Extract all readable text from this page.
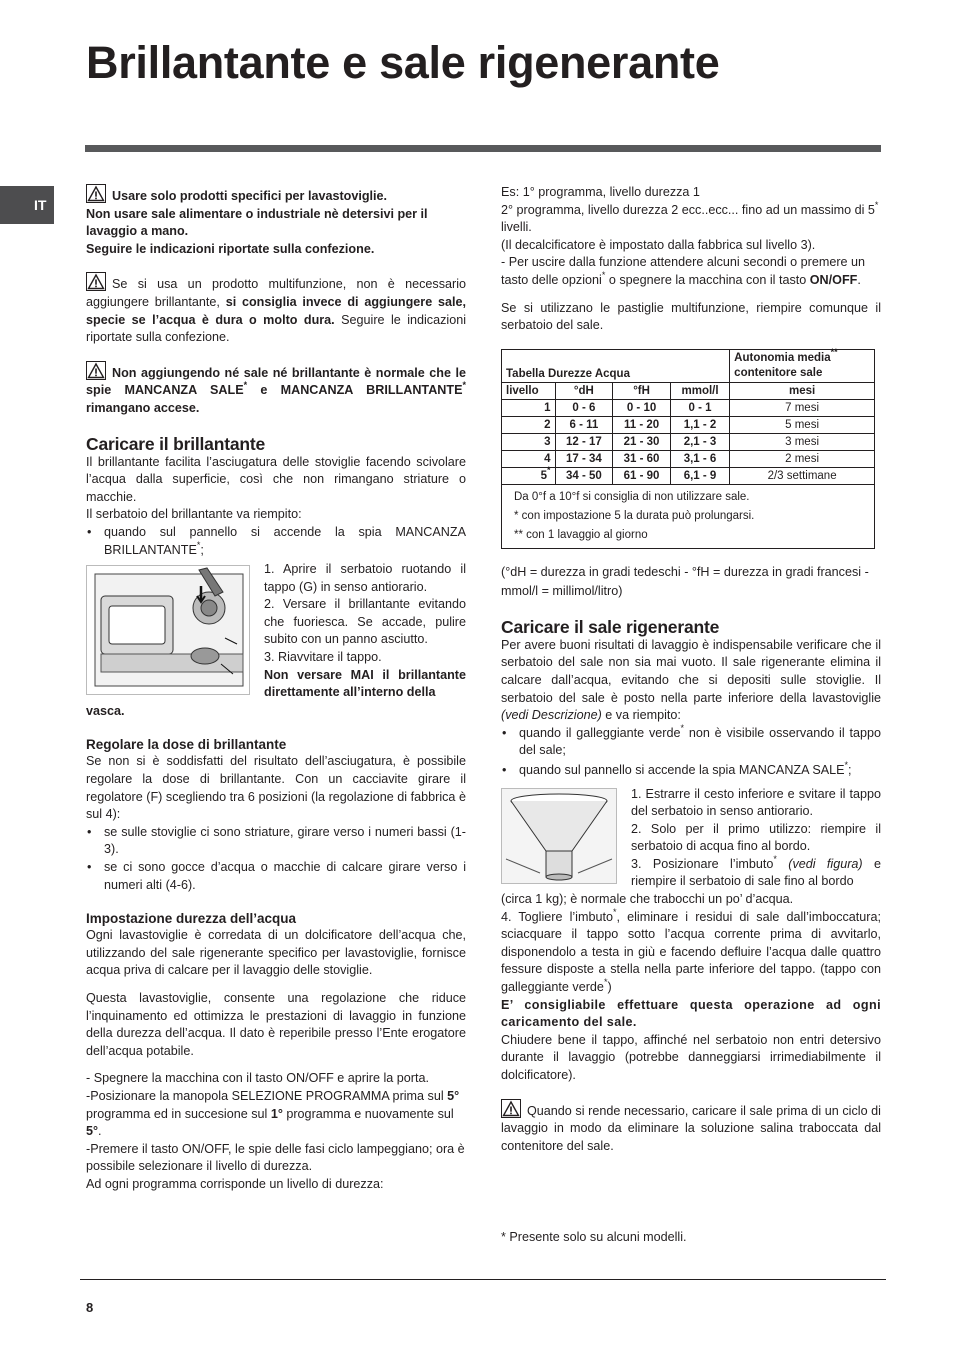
Brillantante e sale rigenerante
IT

Usare solo prodotti specifici per lavastoviglie.
Non usare sale alimentare o industriale nè detersivi per il lavaggio a mano.
Seguire le indicazioni riportate sulla confezione.

Se si usa un prodotto multifunzione, non è necessario aggiungere brillantante, si consiglia invece di aggiungere sale, specie se l’acqua è dura o molto dura. Seguire le indicazioni riportate sulla confezione.

Non aggiungendo né sale né brillantante è normale che le spie MANCANZA SALE* e MANCANZA BRILLANTANTE* rimangano accese.

Caricare il brillantante

Il brillantante facilita l’asciugatura delle stoviglie facendo scivolare l’acqua dalla superficie, così che non rimangano striature o macchie.

Il serbatoio del brillantante va riempito:

• quando sul pannello si accende la spia MANCANZA BRILLANTANTE*;

1. Aprire il serbatoio ruotando il tappo (G) in senso antiorario.

2. Versare il brillantante evitando che fuoriesca. Se accade, pulire subito con un panno asciutto.

3. Riavvitare il tappo.

Non versare MAI il brillantante direttamente all’interno della

vasca.

Regolare la dose di brillantante

Se non si è soddisfatti del risultato dell’asciugatura, è possibile regolare la dose di brillantante. Con un cacciavite girare il regolatore (F) scegliendo tra 6 posizioni (la regolazione di fabbrica è sul 4):

• se sulle stoviglie ci sono striature, girare verso i numeri bassi (1-3).
• se ci sono gocce d’acqua o macchie di calcare girare verso i numeri alti (4-6).
Impostazione durezza dell’acqua

Ogni lavastoviglie è corredata di un dolcificatore dell’acqua che, utilizzando del sale rigenerante specifico per lavastoviglie, fornisce acqua priva di calcare per il lavaggio delle stoviglie.

Questa lavastoviglie, consente una regolazione che riduce l’inquinamento ed ottimizza le prestazioni di lavaggio in funzione della durezza dell’acqua. Il dato è reperibile presso l’Ente erogatore dell’acqua potabile.

- Spegnere la macchina con il tasto ON/OFF e aprire la porta.

-Posizionare la manopola SELEZIONE PROGRAMMA prima sul 5° programma ed in succesione sul 1° programma e nuovamente sul 5°.

-Premere il tasto ON/OFF, le spie delle fasi ciclo lampeggiano; ora è possibile selezionare il livello di durezza.

Ad ogni programma corrisponde un livello di durezza:

Es: 1° programma, livello durezza 1

2° programma, livello durezza 2 ecc..ecc... fino ad un massimo di 5* livelli.

(Il decalcificatore è impostato dalla fabbrica sul livello 3).

- Per uscire dalla funzione attendere alcuni secondi o premere un tasto delle opzioni* o spegnere la macchina con il tasto ON/OFF.

Se si utilizzano le pastiglie multifunzione, riempire comunque il serbatoio del sale.

Tabella Durezze Acqua				Autonomia media**
contenitore sale
livello	°dH	°fH	mmol/l	mesi
1	0 - 6	0 - 10	0 - 1	7 mesi
2	6 - 11	11 - 20	1,1 - 2	5 mesi
3	12 - 17	21 - 30	2,1 - 3	3 mesi
4	17 - 34	31 - 60	3,1 - 6	2 mesi
5*	34 - 50	61 - 90	6,1 - 9	2/3 settimane
Da 0°f a 10°f si consiglia di non utilizzare sale.
* con impostazione 5 la durata può prolungarsi.
** con 1 lavaggio al giorno				

(°dH = durezza in gradi tedeschi - °fH = durezza in gradi francesi - mmol/l = millimol/litro)

Caricare il sale rigenerante

Per avere buoni risultati di lavaggio è indispensabile verificare che il serbatoio del sale non sia mai vuoto. Il sale rigenerante elimina il calcare dall’acqua, evitando che si depositi sulle stoviglie. Il serbatoio del sale è posto nella parte inferiore della lavastoviglie (vedi Descrizione) e va riempito:

• quando il galleggiante verde* non è visibile osservando il tappo del sale;
• quando sul pannello si accende la spia MANCANZA SALE*;

1. Estrarre il cesto inferiore e svitare il tappo del serbatoio in senso antiorario.

2. Solo per il primo utilizzo: riempire il serbatoio di acqua fino al bordo.

3. Posizionare l’imbuto* (vedi figura) e riempire il serbatoio di sale fino al bordo

(circa 1 kg); è normale che trabocchi un po’ d’acqua.

4. Togliere l’imbuto*, eliminare i residui di sale dall’imboccatura; sciacquare il tappo sotto l’acqua corrente prima di avvitarlo, disponendolo a testa in giù e facendo defluire l’acqua dalle quattro fessure disposte a stella nella parte inferiore del tappo. (tappo con galleggiante verde*)

E’ consigliabile effettuare questa operazione ad ogni caricamento del sale.

Chiudere bene il tappo, affinché nel serbatoio non entri detersivo durante il lavaggio (potrebbe danneggiarsi irrimediabilmente il dolcificatore).

Quando si rende necessario, caricare il sale prima di un ciclo di lavaggio in modo da eliminare la soluzione salina traboccata dal contenitore del sale.

* Presente solo su alcuni modelli.
8
